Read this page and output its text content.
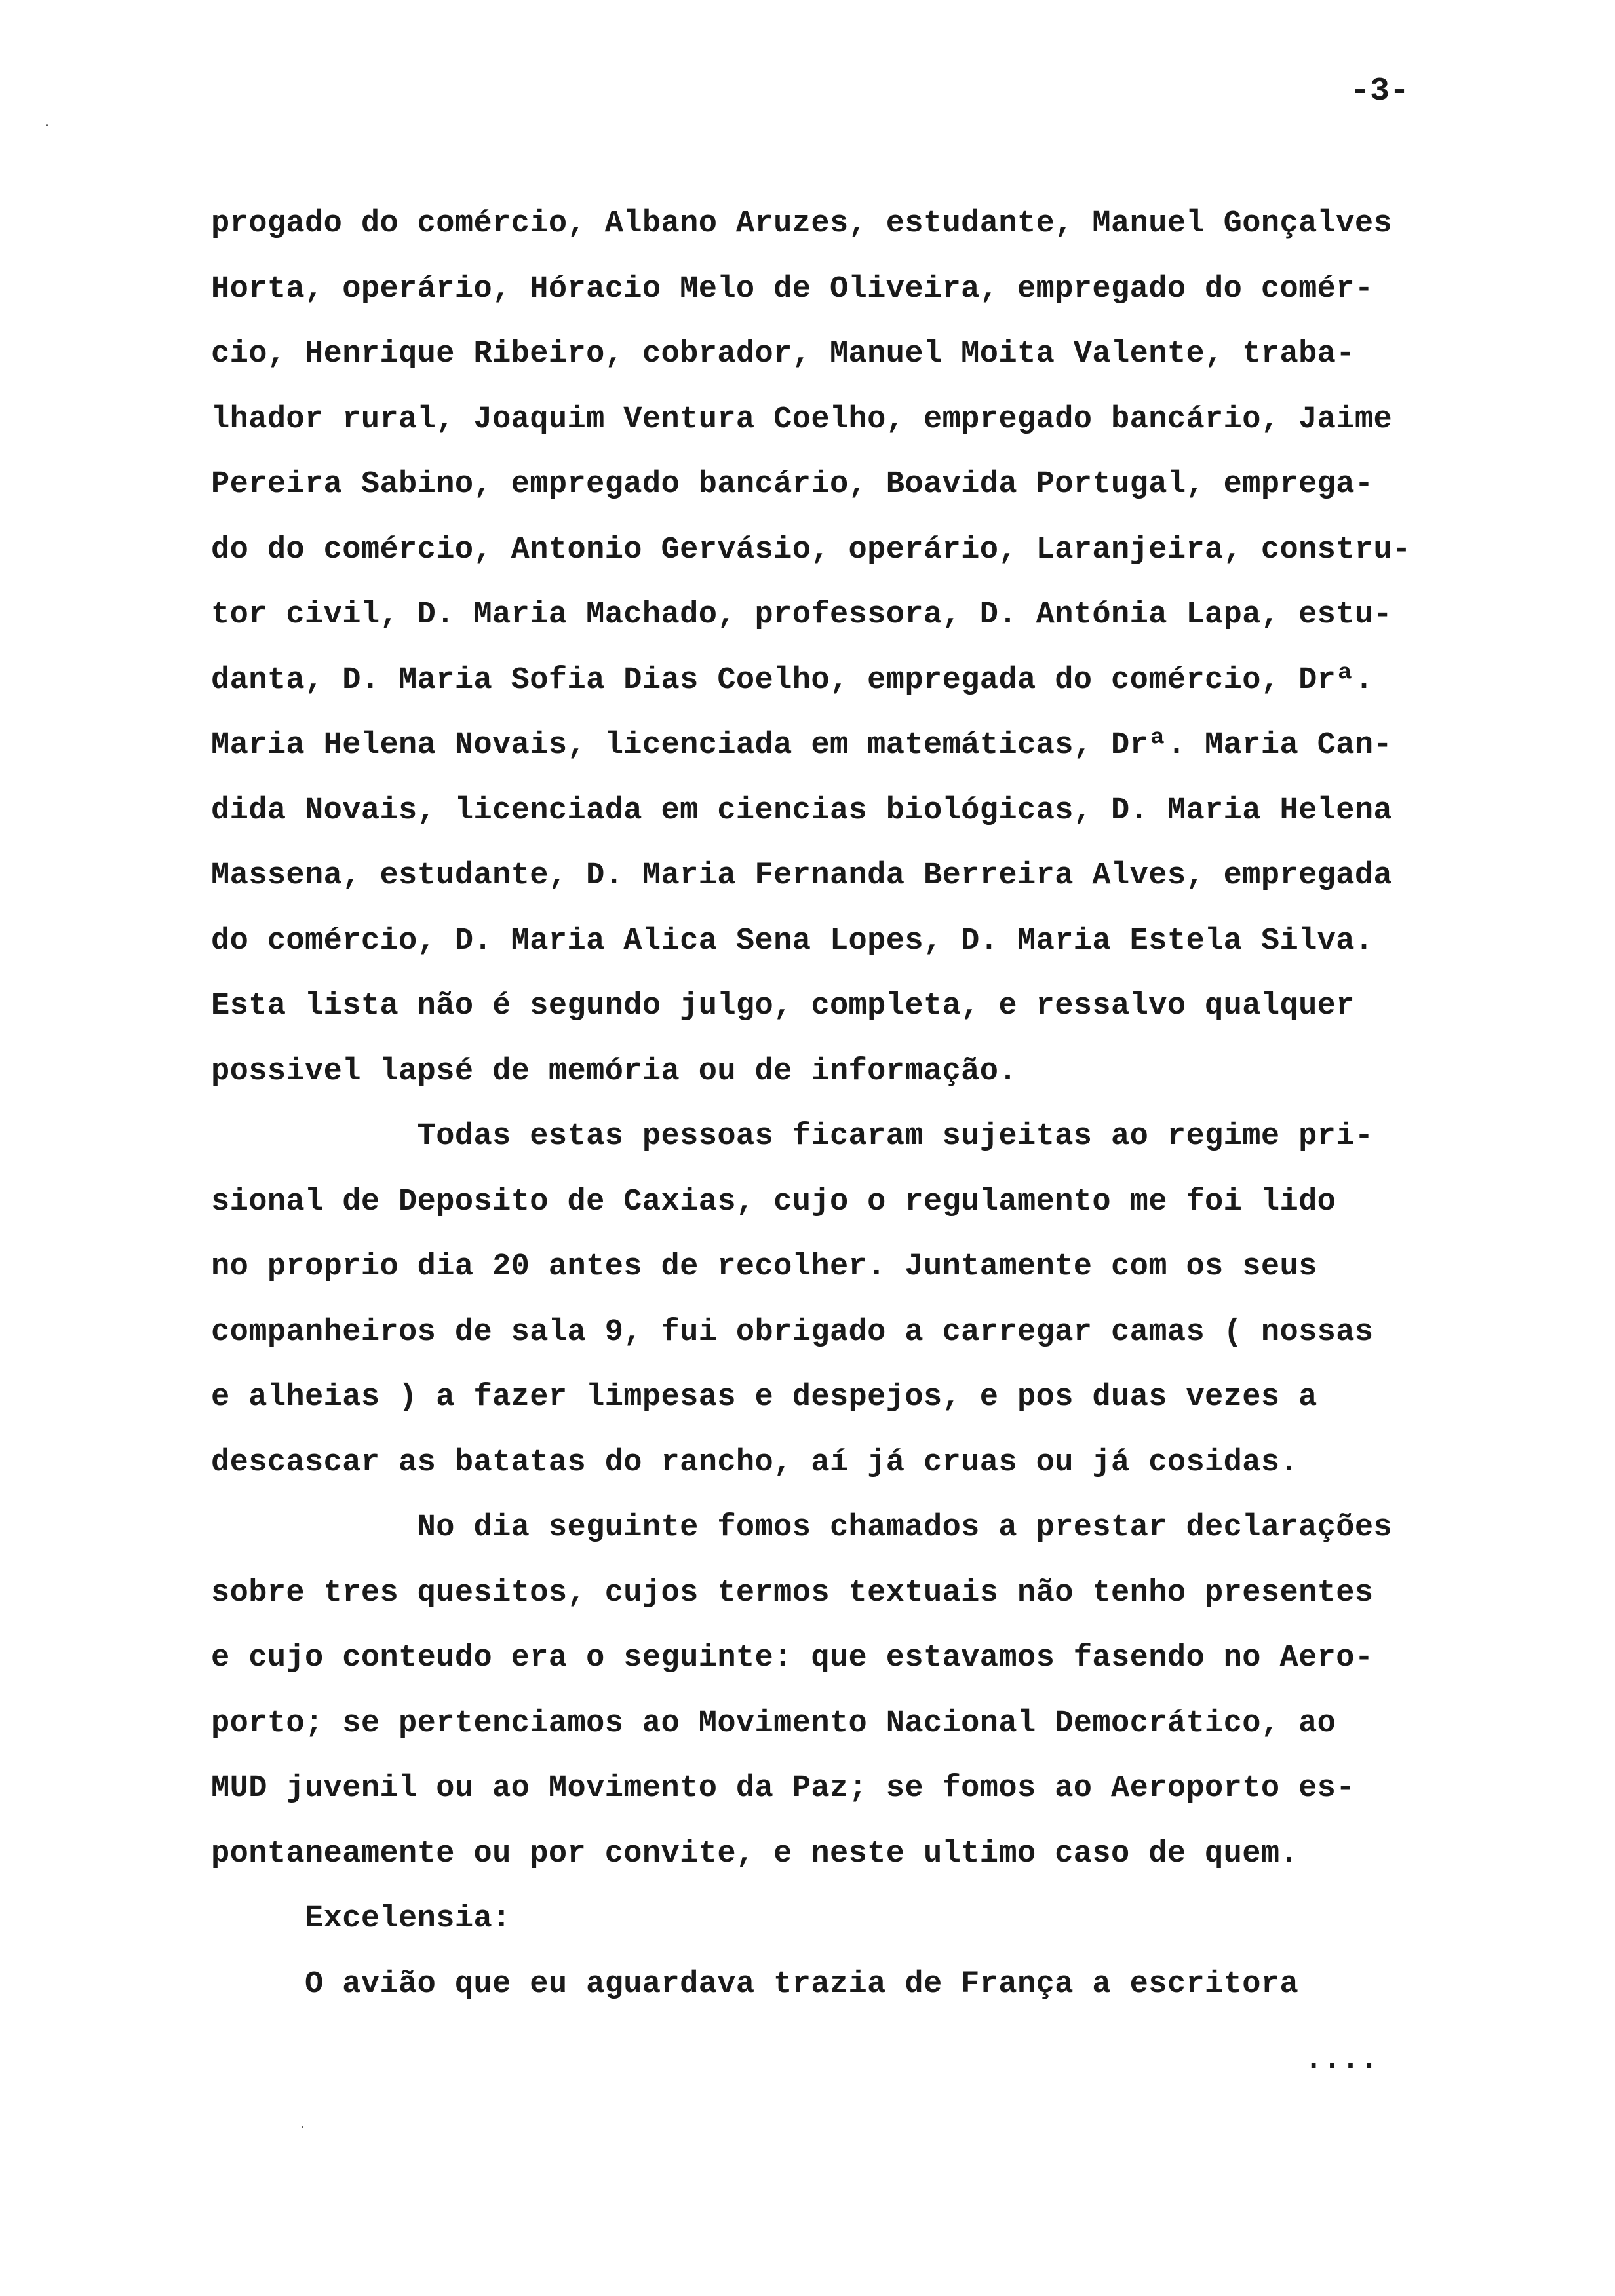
-3-
progado do comércio, Albano Aruzes, estudante, Manuel Gonçalves
Horta, operário, Hóracio Melo de Oliveira, empregado do comér-
cio, Henrique Ribeiro, cobrador, Manuel Moita Valente, traba-
lhador rural, Joaquim Ventura Coelho, empregado bancário, Jaime
Pereira Sabino, empregado bancário, Boavida Portugal, emprega-
do do comércio, Antonio Gervásio, operário, Laranjeira, constru-
tor civil, D. Maria Machado, professora, D. Antónia Lapa, estu-
danta, D. Maria Sofia Dias Coelho, empregada do comércio, Drª.
Maria Helena Novais, licenciada em matemáticas, Drª. Maria Can-
dida Novais, licenciada em ciencias biológicas, D. Maria Helena
Massena, estudante, D. Maria Fernanda Berreira Alves, empregada
do comércio, D. Maria Alica Sena Lopes, D. Maria Estela Silva.
Esta lista não é segundo julgo, completa, e ressalvo qualquer
possivel lapsé de memória ou de informação.
Todas estas pessoas ficaram sujeitas ao regime pri-
sional de Deposito de Caxias, cujo o regulamento me foi lido
no proprio dia 20 antes de recolher. Juntamente com os seus
companheiros de sala 9, fui obrigado a carregar camas ( nossas
e alheias ) a fazer limpesas e despejos, e pos duas vezes a
descascar as batatas do rancho, aí já cruas ou já cosidas.
No dia seguinte fomos chamados a prestar declarações
sobre tres quesitos, cujos termos textuais não tenho presentes
e cujo conteudo era o seguinte: que estavamos fasendo no Aero-
porto; se pertenciamos ao Movimento Nacional Democrático, ao
MUD juvenil ou ao Movimento da Paz; se fomos ao Aeroporto es-
pontaneamente ou por convite, e neste ultimo caso de quem.
Excelensia:
O avião que eu aguardava trazia de França a escritora
....
